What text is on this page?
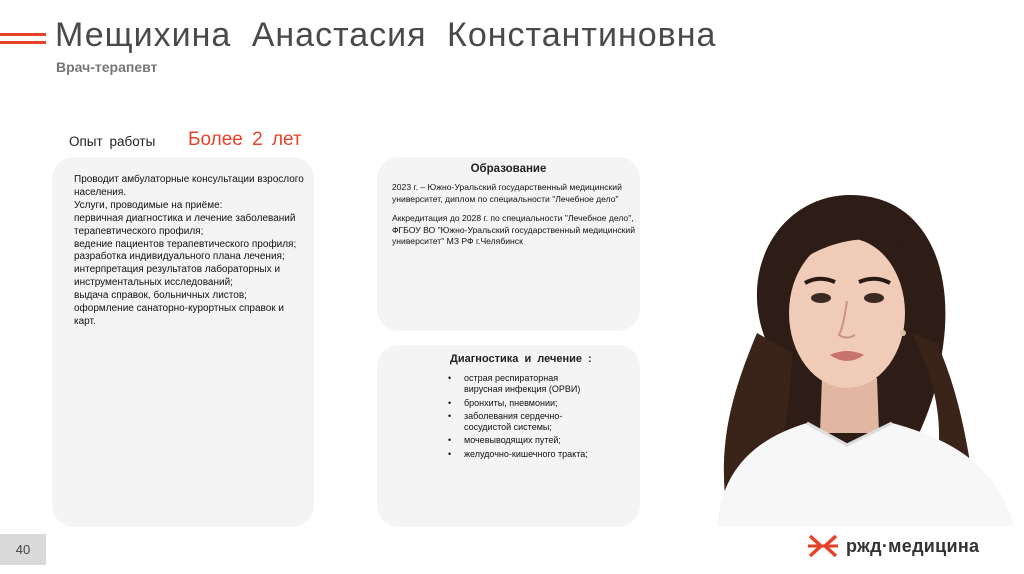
Мещихина Анастасия Константиновна
Врач-терапевт
Опыт работы Более 2 лет
Проводит амбулаторные консультации взрослого населения.
Услуги, проводимые на приёме:
первичная диагностика и лечение заболеваний терапевтического профиля;
ведение пациентов терапевтического профиля;
разработка индивидуального плана лечения;
интерпретация результатов лабораторных и инструментальных исследований;
выдача справок, больничных листов;
оформление санаторно-курортных справок и карт.
Образование

2023 г. – Южно-Уральский государственный медицинский университет, диплом по специальности "Лечебное дело"

Аккредитация до 2028 г. по специальности "Лечебное дело", ФГБОУ ВО "Южно-Уральский государственный медицинский университет" МЗ РФ г.Челябинск

Диагностика и лечение :
• острая респираторная вирусная инфекция (ОРВИ)
• бронхиты, пневмонии;
• заболевания сердечно-сосудистой системы;
• мочевыводящих путей;
• желудочно-кишечного тракта;
40	ржд·медицина
